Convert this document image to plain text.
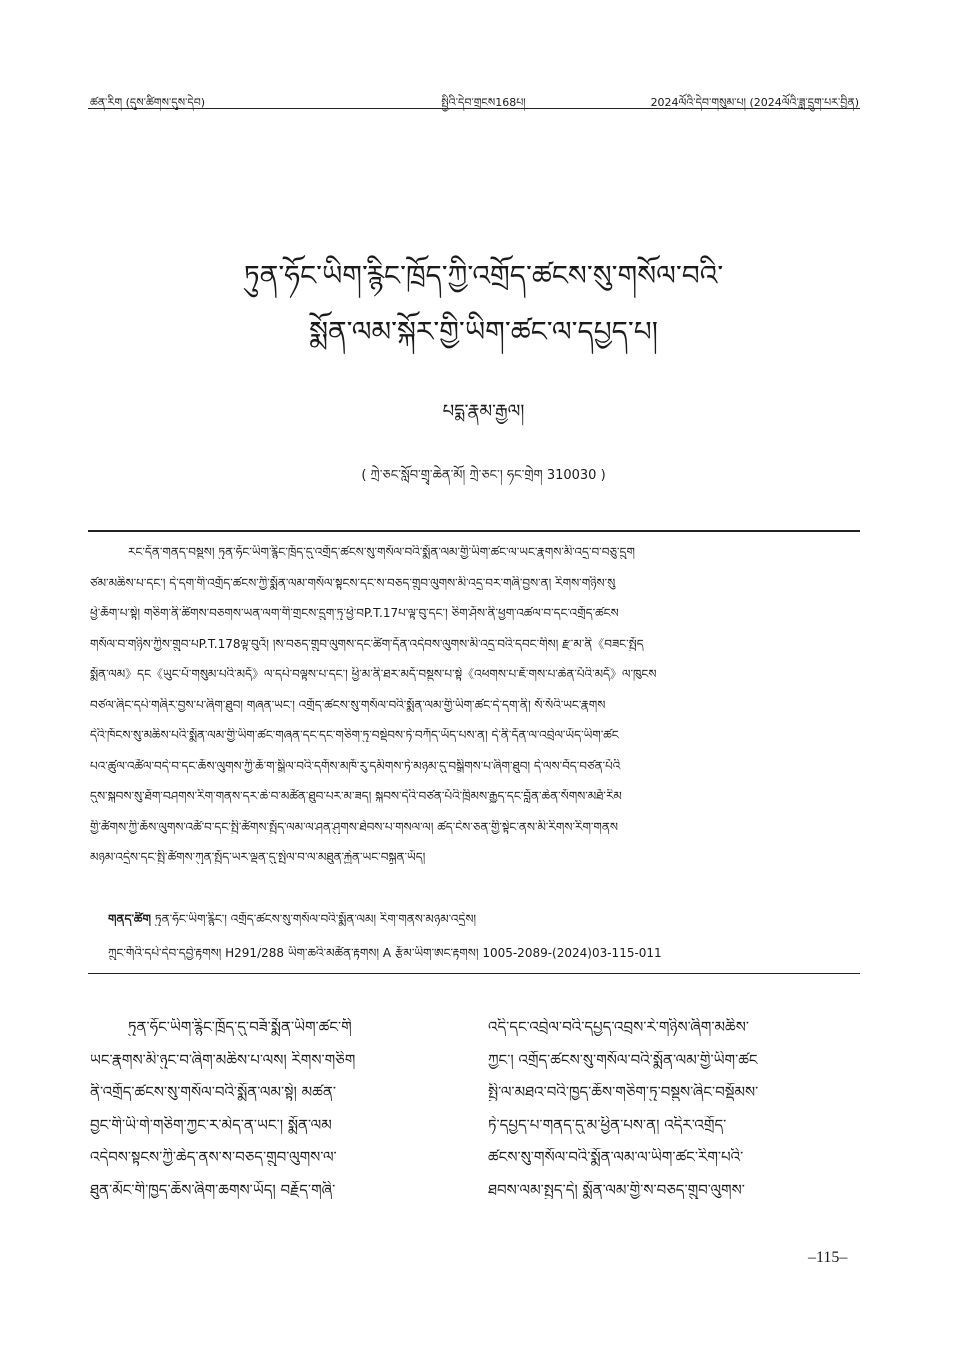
ཚན་རིག (དུས་ཚིགས་དུས་དེབ)	སྤྱིའི་དེབ་གྲངས168པ།	2024ལོའི་དེབ་གསུམ་པ། (2024ལོའི་ཟླ་དྲུག་པར་བྱིན)
ཏུན་ཧོང་ཡིག་རྙིང་ཁྲོད་ཀྱི་འགྲོད་ཚངས་སུ་གསོལ་བའི་
སྨོན་ལམ་སྐོར་གྱི་ཡིག་ཚང་ལ་དཔྱད་པ།
པདྨ་རྣམ་རྒྱལ།
( ཀྲེ་ཅང་སློབ་གྲྭ་ཆེན་མོ། ཀྲེ་ཅང་། ཧང་གྲེག 310030 )
རང་དོན་གནད་བསྡུས། ཏུན་ཧོང་ཡིག་རྙིང་ཁྲོད་དུ་འགྲོད་ཚངས་སུ་གསོལ་བའི་སྨོན་ལམ་གྱི་ཡིག་ཚང་ལ་ཡང་རྣགས་མི་འདྲ་བ་བཅུ་དྲུག
ཙམ་མཆིས་པ་དང་། དེ་དག་གི་འགྲོད་ཚངས་ཀྱི་སྨོན་ལམ་གསོལ་སྟངས་དང་ས་བཅད་གྲུབ་ལུགས་མི་འདྲ་བར་གཞི་བྱས་ན། རིགས་གཉིས་སུ
ཕྱེ་ཆོག་པ་སྟེ། གཅིག་ནི་ཚིགས་བཅགས་ཡན་ལག་གི་གྲངས་དྲུག་ཏུ་ཕྱེ་བP.T.17པ་ལྟ་བུ་དང་། ཅིག་ཤོས་ནི་ཕྱག་འཚལ་བ་དང་འགྲོད་ཚངས
གསོལ་བ་གཉིས་ཀྱིས་གྲུབ་པP.T.178ལྟ་བུའོ། །ས་བཅད་གྲུབ་ལུགས་དང་ཚིག་དོན་འདེབས་ལུགས་མི་འདྲ་བའི་དབང་གིས། རྫ་མ་ནི《བཟང་སྤྱོད
སྨོན་ལམ》དང《ཡུང་པོ་གསུམ་པའི་མདོ》ལ་དཔེ་བལྟས་པ་དང་། ཕྱི་མ་ནི་ཐར་མདོ་བསྡུས་པ་སྟེ《འཕགས་པ་ཇོ་གས་པ་ཆེན་པོའི་མདོ》ལ་ཁུངས
བཙལ་ཞིང་དཔེ་གཞིར་བྱས་པ་ཞིག་ཐུབ། གཞན་ཡང་། འགྲོད་ཚངས་སུ་གསོལ་བའི་སྨོན་ལམ་གྱི་ཡིག་ཚང་དེ་དག་ནི། སོ་སོའི་ཡང་རྣགས
དེའི་ཁོངས་སུ་མཆིས་པའི་སྨོན་ལམ་གྱི་ཡིག་ཚང་གཞན་དང་དང་གཅིག་ཏུ་བསྡེབས་ཏེ་བཀོད་ཡོད་པས་ན། དེ་ནི་དོན་ལ་འབྲེལ་ཡོད་ཡིག་ཚང
པའ་ཚུལ་འཚོལ་བདེ་བ་དང་ཆོས་ལུགས་ཀྱི་ཆོ་ག་སྒྲིལ་བའི་དགོས་མཁོ་རུ་དམིགས་ཏེ་མཉམ་དུ་བསྒྲིགས་པ་ཞིག་ཐུབ། དེ་ལས་བོད་བཙན་པོའི
དུས་སྐབས་སུ་ཐོག་བཤགས་རིག་གནས་དར་ཆེ་བ་མཚོན་ཐུབ་པར་མ་ཟད། སྐབས་དེའི་བཙན་པོའི་ཁྲིམས་རྒྱུད་དང་བློན་ཆེན་སོགས་མཐོ་རིམ
གྱི་ཚོགས་ཀྱི་ཆོས་ལུགས་འཚོ་བ་དང་སྤྱི་ཚོགས་སྤྱོད་ལམ་ལ་ཤན་ཤུགས་ཐེབས་པ་གསལ་ལ། ཚད་ངེས་ཅན་གྱི་སྟེང་ནས་མི་རིགས་རིག་གནས
མཉམ་འདྲེས་དང་སྤྱི་ཚོགས་ཀུན་སྤྱོད་ཡར་ལྡན་དུ་སྤེལ་བ་ལ་མཐུན་རྐྱེན་ཡང་བསྐྲུན་ཡོད།
གནད་ཚིག ཏུན་ཧོང་ཡིག་རྙིང་། འགྲོད་ཚངས་སུ་གསོལ་བའི་སྨོན་ལམ། རིག་གནས་མཉམ་འདྲེས།
ཀྲུང་གོའི་དཔེ་དེབ་དབྱེ་རྟགས། H291/288 ཡིག་ཆའི་མཚོན་རྟགས། A རྩོམ་ཡིག་ཨང་རྟགས། 1005-2089-(2024)03-115-011
ཏུན་ཧོང་ཡིག་རྙིང་ཁྲོད་དུ་བཟོ་སྨོན་ཡིག་ཚང་གི
ཡང་རྣགས་མི་ཉུང་བ་ཞིག་མཆིས་པ་ལས། རིགས་གཅིག
ནི་འགྲོད་ཚངས་སུ་གསོལ་བའི་སྨོན་ལམ་སྟེ། མཚན་
བྱང་གི་ཡི་གེ་གཅིག་ཀྱང་ར་མེད་ན་ཡང་། སྨོན་ལམ
འདེབས་སྟངས་ཀྱི་ཆེད་ནས་ས་བཅད་གྲུབ་ལུགས་ལ་
ཐུན་མོང་གི་ཁྱད་ཆོས་ཞིག་ཆགས་ཡོད། བརྗོད་གཞི་
འདི་དང་འབྲེལ་བའི་དཔྱད་འབྲས་རེ་གཉིས་ཞིག་མཆིས་
ཀྱང་། འགྲོད་ཚངས་སུ་གསོལ་བའི་སྨོན་ལམ་གྱི་ཡིག་ཚང
སྤྱི་ལ་མཐའ་བའི་ཁྱད་ཆོས་གཅིག་ཏུ་བསྡུས་ཞིང་བསྡོམས་
ཏེ་དཔྱད་པ་གནད་དུ་མ་ཕྱིན་པས་ན། འདིར་འགྲོད་
ཚངས་སུ་གསོལ་བའི་སྨོན་ལམ་ལ་ཡིག་ཚང་རིག་པའི་
ཐབས་ལམ་སྤྱད་དེ། སྨོན་ལམ་གྱི་ས་བཅད་གྲུབ་ལུགས་
–115–
